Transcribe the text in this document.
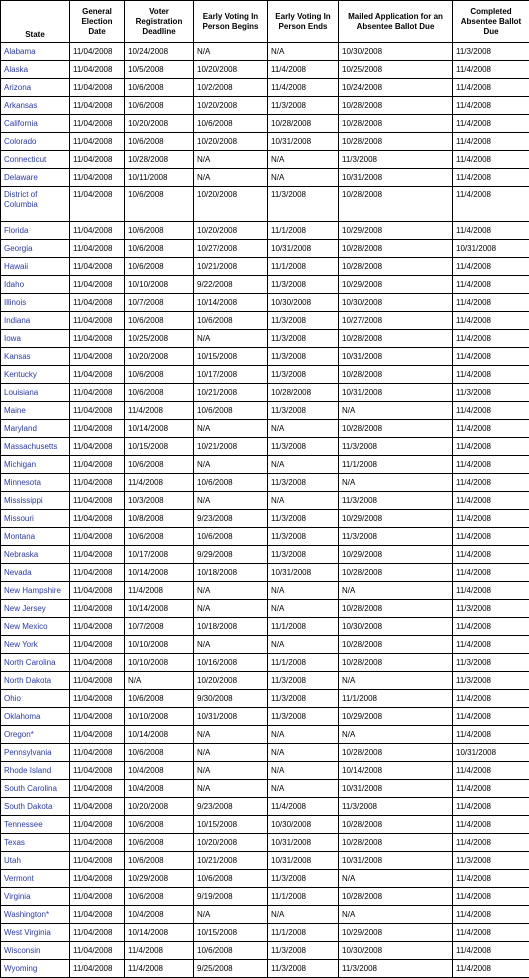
State	General Election Date	Voter Registration Deadline	Early Voting In Person Begins	Early Voting In Person Ends	Mailed Application for an Absentee Ballot Due	Completed Absentee Ballot Due
Alabama	11/04/2008	10/24/2008	N/A	N/A	10/30/2008	11/3/2008
Alaska	11/04/2008	10/5/2008	10/20/2008	11/4/2008	10/25/2008	11/4/2008
Arizona	11/04/2008	10/6/2008	10/2/2008	11/4/2008	10/24/2008	11/4/2008
Arkansas	11/04/2008	10/6/2008	10/20/2008	11/3/2008	10/28/2008	11/4/2008
California	11/04/2008	10/20/2008	10/6/2008	10/28/2008	10/28/2008	11/4/2008
Colorado	11/04/2008	10/6/2008	10/20/2008	10/31/2008	10/28/2008	11/4/2008
Connecticut	11/04/2008	10/28/2008	N/A	N/A	11/3/2008	11/4/2008
Delaware	11/04/2008	10/11/2008	N/A	N/A	10/31/2008	11/4/2008
District of Columbia	11/04/2008	10/6/2008	10/20/2008	11/3/2008	10/28/2008	11/4/2008
Florida	11/04/2008	10/6/2008	10/20/2008	11/1/2008	10/29/2008	11/4/2008
Georgia	11/04/2008	10/6/2008	10/27/2008	10/31/2008	10/28/2008	10/31/2008
Hawaii	11/04/2008	10/6/2008	10/21/2008	11/1/2008	10/28/2008	11/4/2008
Idaho	11/04/2008	10/10/2008	9/22/2008	11/3/2008	10/29/2008	11/4/2008
Illinois	11/04/2008	10/7/2008	10/14/2008	10/30/2008	10/30/2008	11/4/2008
Indiana	11/04/2008	10/6/2008	10/6/2008	11/3/2008	10/27/2008	11/4/2008
Iowa	11/04/2008	10/25/2008	N/A	11/3/2008	10/28/2008	11/4/2008
Kansas	11/04/2008	10/20/2008	10/15/2008	11/3/2008	10/31/2008	11/4/2008
Kentucky	11/04/2008	10/6/2008	10/17/2008	11/3/2008	10/28/2008	11/4/2008
Louisiana	11/04/2008	10/6/2008	10/21/2008	10/28/2008	10/31/2008	11/3/2008
Maine	11/04/2008	11/4/2008	10/6/2008	11/3/2008	N/A	11/4/2008
Maryland	11/04/2008	10/14/2008	N/A	N/A	10/28/2008	11/4/2008
Massachusetts	11/04/2008	10/15/2008	10/21/2008	11/3/2008	11/3/2008	11/4/2008
Michigan	11/04/2008	10/6/2008	N/A	N/A	11/1/2008	11/4/2008
Minnesota	11/04/2008	11/4/2008	10/6/2008	11/3/2008	N/A	11/4/2008
Mississippi	11/04/2008	10/3/2008	N/A	N/A	11/3/2008	11/4/2008
Missouri	11/04/2008	10/8/2008	9/23/2008	11/3/2008	10/29/2008	11/4/2008
Montana	11/04/2008	10/6/2008	10/6/2008	11/3/2008	11/3/2008	11/4/2008
Nebraska	11/04/2008	10/17/2008	9/29/2008	11/3/2008	10/29/2008	11/4/2008
Nevada	11/04/2008	10/14/2008	10/18/2008	10/31/2008	10/28/2008	11/4/2008
New Hampshire	11/04/2008	11/4/2008	N/A	N/A	N/A	11/4/2008
New Jersey	11/04/2008	10/14/2008	N/A	N/A	10/28/2008	11/3/2008
New Mexico	11/04/2008	10/7/2008	10/18/2008	11/1/2008	10/30/2008	11/4/2008
New York	11/04/2008	10/10/2008	N/A	N/A	10/28/2008	11/4/2008
North Carolina	11/04/2008	10/10/2008	10/16/2008	11/1/2008	10/28/2008	11/3/2008
North Dakota	11/04/2008	N/A	10/20/2008	11/3/2008	N/A	11/3/2008
Ohio	11/04/2008	10/6/2008	9/30/2008	11/3/2008	11/1/2008	11/4/2008
Oklahoma	11/04/2008	10/10/2008	10/31/2008	11/3/2008	10/29/2008	11/4/2008
Oregon*	11/04/2008	10/14/2008	N/A	N/A	N/A	11/4/2008
Pennsylvania	11/04/2008	10/6/2008	N/A	N/A	10/28/2008	10/31/2008
Rhode Island	11/04/2008	10/4/2008	N/A	N/A	10/14/2008	11/4/2008
South Carolina	11/04/2008	10/4/2008	N/A	N/A	10/31/2008	11/4/2008
South Dakota	11/04/2008	10/20/2008	9/23/2008	11/4/2008	11/3/2008	11/4/2008
Tennessee	11/04/2008	10/6/2008	10/15/2008	10/30/2008	10/28/2008	11/4/2008
Texas	11/04/2008	10/6/2008	10/20/2008	10/31/2008	10/28/2008	11/4/2008
Utah	11/04/2008	10/6/2008	10/21/2008	10/31/2008	10/31/2008	11/3/2008
Vermont	11/04/2008	10/29/2008	10/6/2008	11/3/2008	N/A	11/4/2008
Virginia	11/04/2008	10/6/2008	9/19/2008	11/1/2008	10/28/2008	11/4/2008
Washington*	11/04/2008	10/4/2008	N/A	N/A	N/A	11/4/2008
West Virginia	11/04/2008	10/14/2008	10/15/2008	11/1/2008	10/29/2008	11/4/2008
Wisconsin	11/04/2008	11/4/2008	10/6/2008	11/3/2008	10/30/2008	11/4/2008
Wyoming	11/04/2008	11/4/2008	9/25/2008	11/3/2008	11/3/2008	11/4/2008
